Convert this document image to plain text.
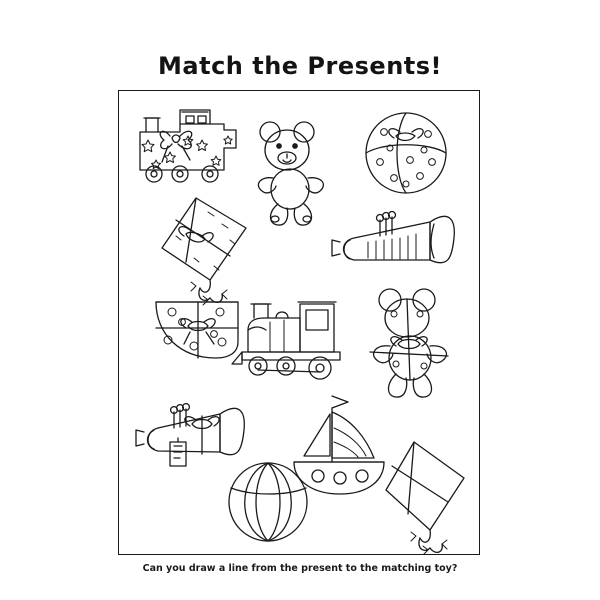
Match the Presents!
Can you draw a line from the present to the matching toy?
